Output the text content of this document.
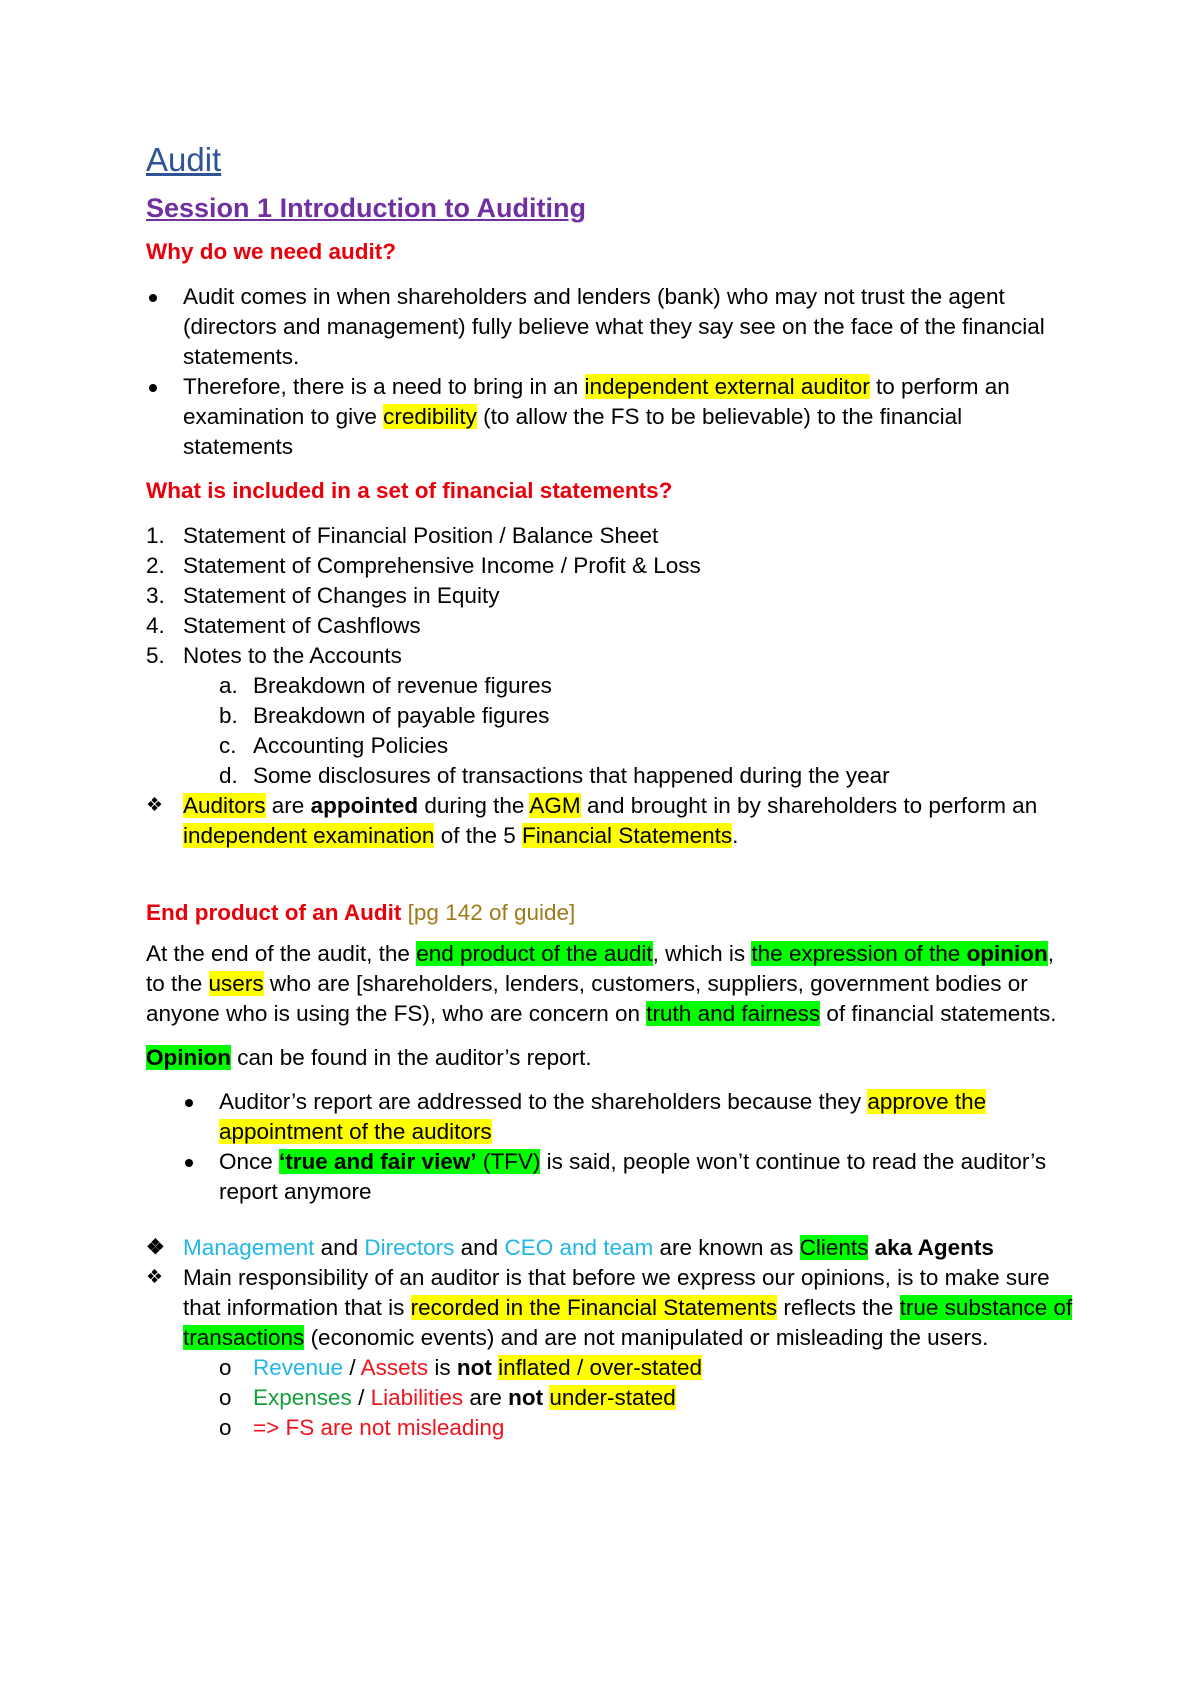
Audit
Session 1 Introduction to Auditing
Why do we need audit?
Audit comes in when shareholders and lenders (bank) who may not trust the agent (directors and management) fully believe what they say see on the face of the financial statements.
Therefore, there is a need to bring in an independent external auditor to perform an examination to give credibility (to allow the FS to be believable) to the financial statements
What is included in a set of financial statements?
1. Statement of Financial Position / Balance Sheet
2. Statement of Comprehensive Income / Profit & Loss
3. Statement of Changes in Equity
4. Statement of Cashflows
5. Notes to the Accounts
a. Breakdown of revenue figures
b. Breakdown of payable figures
c. Accounting Policies
d. Some disclosures of transactions that happened during the year
❖ Auditors are appointed during the AGM and brought in by shareholders to perform an independent examination of the 5 Financial Statements.
End product of an Audit [pg 142 of guide]

At the end of the audit, the end product of the audit, which is the expression of the opinion, to the users who are [shareholders, lenders, customers, suppliers, government bodies or anyone who is using the FS), who are concern on truth and fairness of financial statements.

Opinion can be found in the auditor’s report.

Auditor’s report are addressed to the shareholders because they approve the appointment of the auditors
Once ‘true and fair view’ (TFV) is said, people won’t continue to read the auditor’s report anymore
❖ Management and Directors and CEO and team are known as Clients aka Agents
❖ Main responsibility of an auditor is that before we express our opinions, is to make sure that information that is recorded in the Financial Statements reflects the true substance of transactions (economic events) and are not manipulated or misleading the users.
o Revenue / Assets is not inflated / over-stated
o Expenses / Liabilities are not under-stated
o => FS are not misleading
